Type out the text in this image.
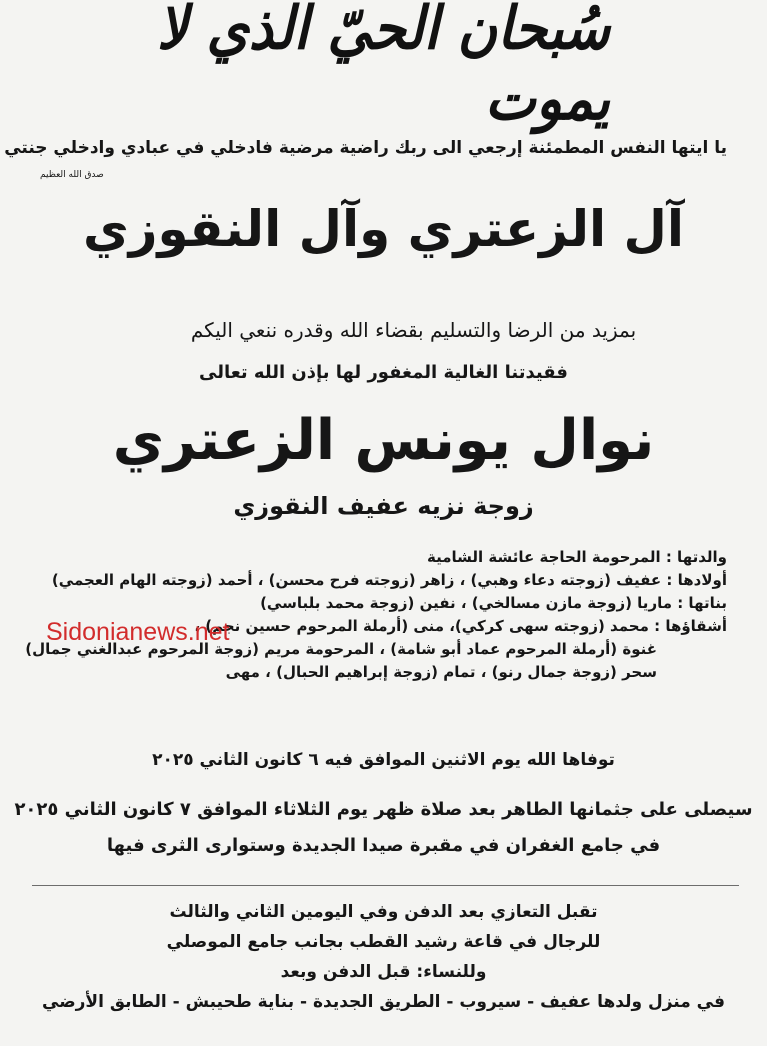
سُبحان الحيّ الذي لا يموت
يا ايتها النفس المطمئنة إرجعي الى ربك راضية مرضية فادخلي في عبادي وادخلي جنتي
صدق الله العظيم
آل الزعتري وآل النقوزي
بمزيد من الرضا والتسليم بقضاء الله وقدره ننعي اليكم
فقيدتنا الغالية المغفور لها بإذن الله تعالى
نوال يونس الزعتري
زوجة نزيه عفيف النقوزي
والدتها : المرحومة الحاجة عائشة الشامية
أولادها : عفيف (زوجته دعاء وهبي) ، زاهر (زوجته فرح محسن) ، أحمد (زوجته الهام العجمي)
بناتها : ماريا (زوجة مازن مسالخي) ، نفين (زوجة محمد بلباسي)
أشقاؤها : محمد (زوجته سهى كركي)، منى (أرملة المرحوم حسين نجم) ،
غنوة (أرملة المرحوم عماد أبو شامة) ، المرحومة مريم (زوجة المرحوم عبدالغني جمال)
سحر (زوجة جمال رنو) ، تمام (زوجة إبراهيم الحبال) ، مهى
Sidonianews.net
توفاها الله يوم الاثنين الموافق فيه ٦ كانون الثاني ٢٠٢٥
سيصلى على جثمانها الطاهر بعد صلاة ظهر يوم الثلاثاء الموافق ٧ كانون الثاني ٢٠٢٥
في جامع الغفران في مقبرة صيدا الجديدة وستوارى الثرى فيها
تقبل التعازي بعد الدفن وفي اليومين الثاني والثالث
للرجال في قاعة رشيد القطب بجانب جامع الموصلي
وللنساء: قبل الدفن وبعد
في منزل ولدها عفيف - سيروب - الطريق الجديدة - بناية طحيبش - الطابق الأرضي
